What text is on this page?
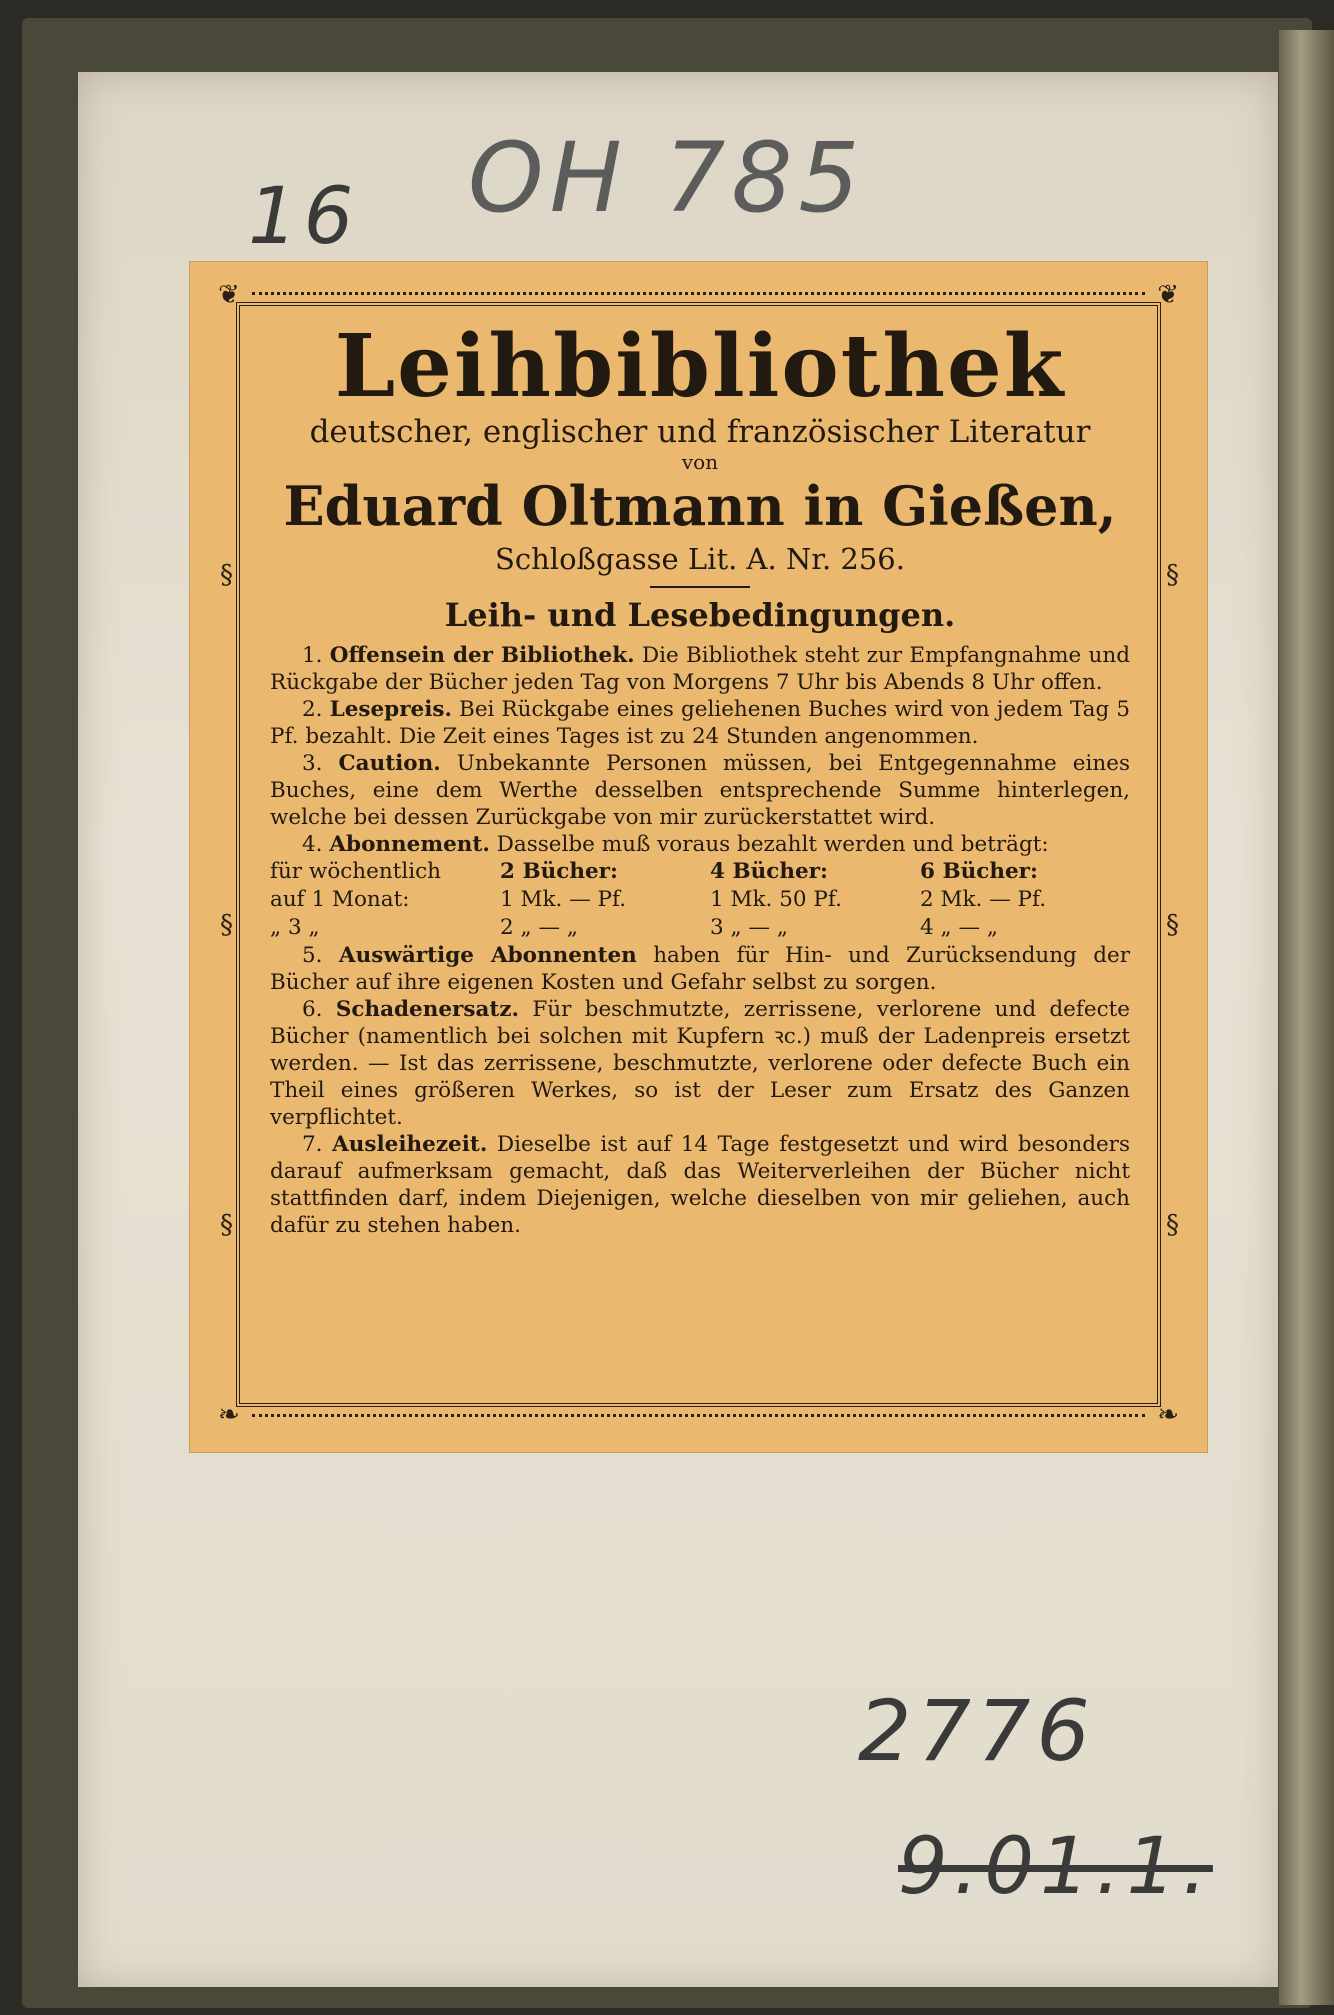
16 OH 785
2776
9.01.1.
❦	❦
❧	❧
§
§
§
§
§
§
Leihbibliothek

deutscher, englischer und französischer Literatur

von

Eduard Oltmann in Gießen,

Schloßgasse Lit. A. Nr. 256.

Leih- und Lesebedingungen.

1. Offensein der Bibliothek. Die Bibliothek steht zur Empfangnahme und Rückgabe der Bücher jeden Tag von Morgens 7 Uhr bis Abends 8 Uhr offen.

2. Lesepreis. Bei Rückgabe eines geliehenen Buches wird von jedem Tag 5 Pf. bezahlt. Die Zeit eines Tages ist zu 24 Stunden angenommen.

3. Caution. Unbekannte Personen müssen, bei Entgegennahme eines Buches, eine dem Werthe desselben entsprechende Summe hinterlegen, welche bei dessen Zurückgabe von mir zurückerstattet wird.

4. Abonnement. Dasselbe muß voraus bezahlt werden und beträgt:

für wöchentlich	2 Bücher:	4 Bücher:	6 Bücher:
auf 1 Monat:	1 Mk. — Pf.	1 Mk. 50 Pf.	2 Mk. — Pf.
„ 3 „	2 „ — „	3 „ — „	4 „ — „

5. Auswärtige Abonnenten haben für Hin- und Zurücksendung der Bücher auf ihre eigenen Kosten und Gefahr selbst zu sorgen.

6. Schadenersatz. Für beschmutzte, zerrissene, verlorene und defecte Bücher (namentlich bei solchen mit Kupfern ꝛc.) muß der Ladenpreis ersetzt werden. — Ist das zerrissene, beschmutzte, verlorene oder defecte Buch ein Theil eines größeren Werkes, so ist der Leser zum Ersatz des Ganzen verpflichtet.

7. Ausleihezeit. Dieselbe ist auf 14 Tage festgesetzt und wird besonders darauf aufmerksam gemacht, daß das Weiterverleihen der Bücher nicht stattfinden darf, indem Diejenigen, welche dieselben von mir geliehen, auch dafür zu stehen haben.
